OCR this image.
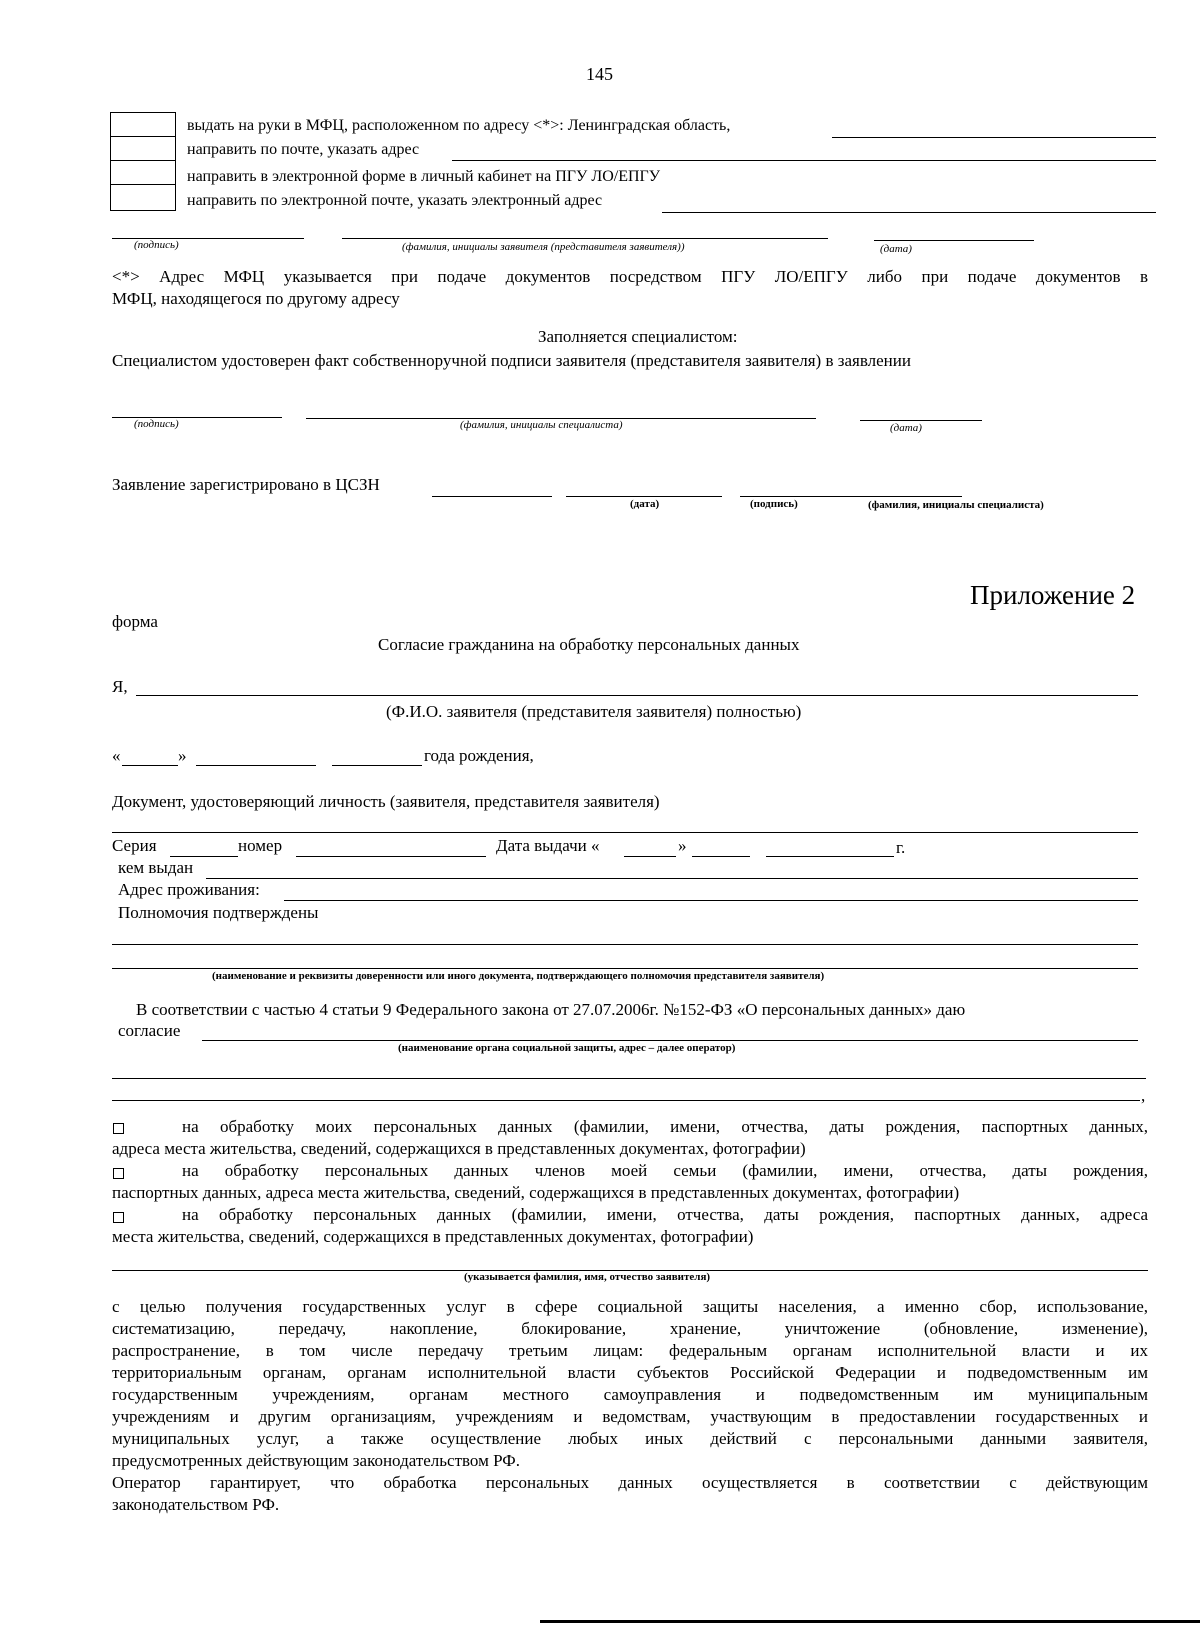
145
выдать на руки в МФЦ, расположенном по адресу <*>: Ленинградская область,
направить по почте, указать адрес
направить в электронной форме в личный кабинет на ПГУ ЛО/ЕПГУ
направить по электронной почте, указать электронный адрес
(подпись)	(фамилия, инициалы заявителя (представителя заявителя))	(дата)
<*> Адрес МФЦ указывается при подаче документов посредством ПГУ ЛО/ЕПГУ либо при подаче документов в
МФЦ, находящегося по другому адресу
Заполняется специалистом:
Специалистом удостоверен факт собственноручной подписи заявителя (представителя заявителя) в заявлении
(подпись)	(фамилия, инициалы специалиста)	(дата)
Заявление зарегистрировано в ЦСЗН
(дата)	(подпись)	(фамилия, инициалы специалиста)
Приложение 2
форма
Согласие гражданина на обработку персональных данных
Я,
(Ф.И.О. заявителя (представителя заявителя) полностью)
«	»	года рождения,
Документ, удостоверяющий личность (заявителя, представителя заявителя)
Серия	номер	Дата выдачи «	»	г.
кем выдан
Адрес проживания:
Полномочия подтверждены
(наименование и реквизиты доверенности или иного документа, подтверждающего полномочия представителя заявителя)
В соответствии с частью 4 статьи 9 Федерального закона от 27.07.2006г. №152-ФЗ «О персональных данных» даю
согласие
(наименование органа социальной защиты, адрес – далее оператор)
,
на обработку моих персональных данных (фамилии, имени, отчества, даты рождения, паспортных данных,
адреса места жительства, сведений, содержащихся в представленных документах, фотографии)
на обработку персональных данных членов моей семьи (фамилии, имени, отчества, даты рождения,
паспортных данных, адреса места жительства, сведений, содержащихся в представленных документах, фотографии)
на обработку персональных данных (фамилии, имени, отчества, даты рождения, паспортных данных, адреса
места жительства, сведений, содержащихся в представленных документах, фотографии)
(указывается фамилия, имя, отчество заявителя)
с целью получения государственных услуг в сфере социальной защиты населения, а именно сбор, использование,
систематизацию, передачу, накопление, блокирование, хранение, уничтожение (обновление, изменение),
распространение, в том числе передачу третьим лицам: федеральным органам исполнительной власти и их
территориальным органам, органам исполнительной власти субъектов Российской Федерации и подведомственным им
государственным учреждениям, органам местного самоуправления и подведомственным им муниципальным
учреждениям и другим организациям, учреждениям и ведомствам, участвующим в предоставлении государственных и
муниципальных услуг, а также осуществление любых иных действий с персональными данными заявителя,
предусмотренных действующим законодательством РФ.
Оператор гарантирует, что обработка персональных данных осуществляется в соответствии с действующим
законодательством РФ.
